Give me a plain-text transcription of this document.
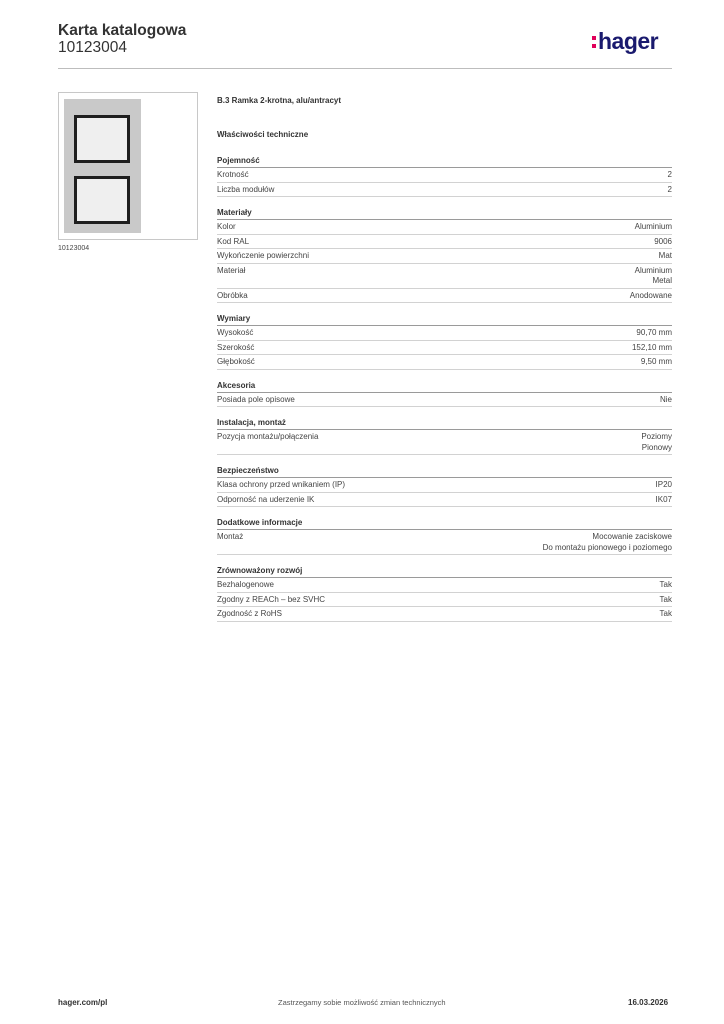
Karta katalogowa
10123004	hager
10123004
B.3 Ramka 2-krotna, alu/antracyt
Właściwości techniczne
Pojemność
Krotność	2
Liczba modułów	2
Materiały
Kolor	Aluminium
Kod RAL	9006
Wykończenie powierzchni	Mat
Materiał	Aluminium
Metal
Obróbka	Anodowane
Wymiary
Wysokość	90,70 mm
Szerokość	152,10 mm
Głębokość	9,50 mm
Akcesoria
Posiada pole opisowe	Nie
Instalacja, montaż
Pozycja montażu/połączenia	Poziomy
Pionowy
Bezpieczeństwo
Klasa ochrony przed wnikaniem (IP)	IP20
Odporność na uderzenie IK	IK07
Dodatkowe informacje
Montaż	Mocowanie zaciskowe
Do montażu pionowego i poziomego
Zrównoważony rozwój
Bezhalogenowe	Tak
Zgodny z REACh – bez SVHC	Tak
Zgodność z RoHS	Tak
hager.com/pl	Zastrzegamy sobie możliwość zmian technicznych	16.03.2026
